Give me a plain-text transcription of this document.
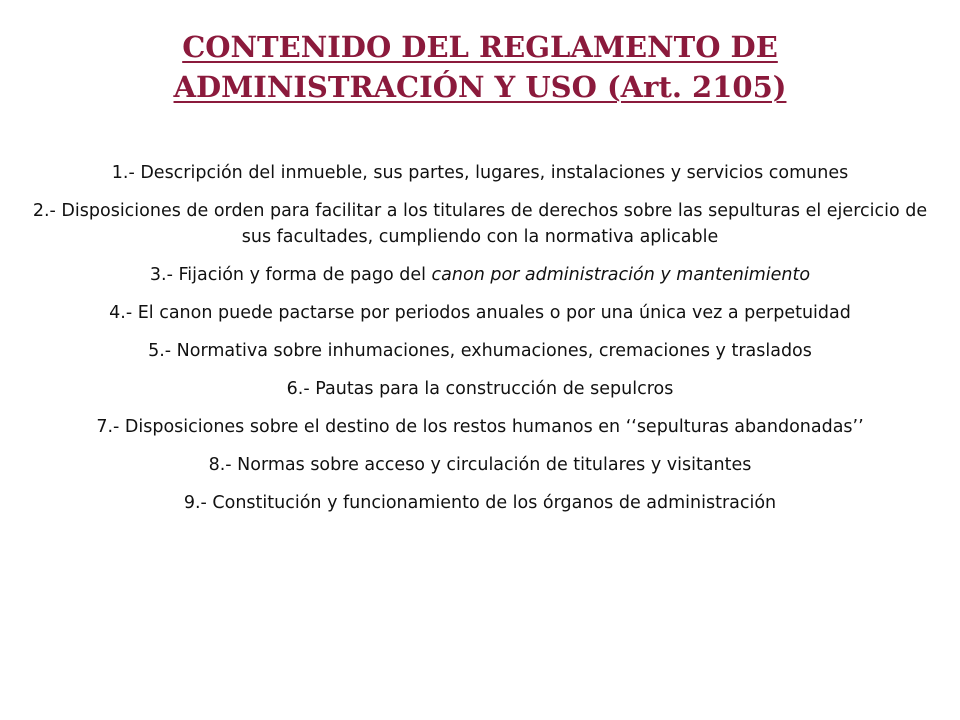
CONTENIDO DEL REGLAMENTO DE
ADMINISTRACIÓN Y USO (Art. 2105)
1.- Descripción del inmueble, sus partes, lugares, instalaciones y servicios comunes
2.- Disposiciones de orden para facilitar a los titulares de derechos sobre las sepulturas el ejercicio de sus facultades, cumpliendo con la normativa aplicable
3.- Fijación y forma de pago del canon por administración y mantenimiento
4.- El canon puede pactarse por periodos anuales o por una única vez a perpetuidad
5.- Normativa sobre inhumaciones, exhumaciones, cremaciones y traslados
6.- Pautas para la construcción de sepulcros
7.- Disposiciones sobre el destino de los restos humanos en ‘‘sepulturas abandonadas’’
8.- Normas sobre acceso y circulación de titulares y visitantes
9.- Constitución y funcionamiento de los órganos de administración
